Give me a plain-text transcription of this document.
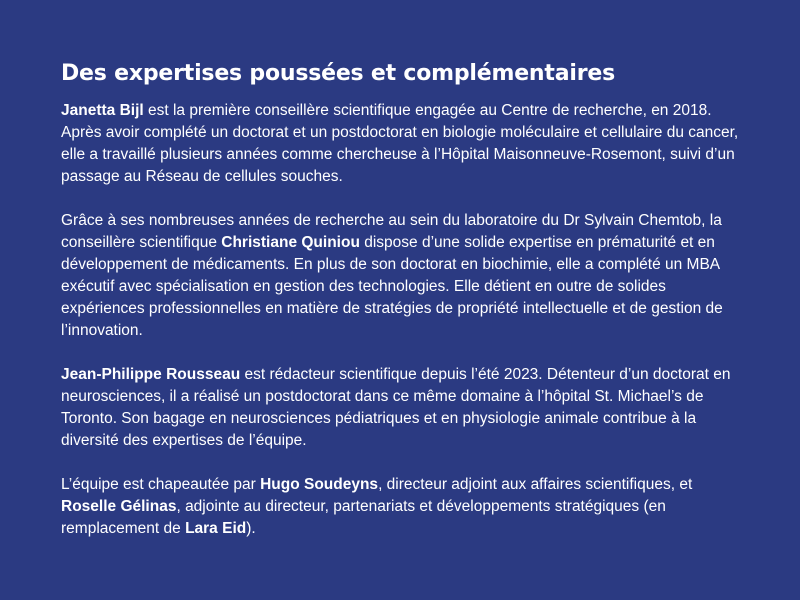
Des expertises poussées et complémentaires

Janetta Bijl est la première conseillère scientifique engagée au Centre de recherche, en 2018. Après avoir complété un doctorat et un postdoctorat en biologie moléculaire et cellulaire du cancer, elle a travaillé plusieurs années comme chercheuse à l’Hôpital Maisonneuve-Rosemont, suivi d’un passage au Réseau de cellules souches.

Grâce à ses nombreuses années de recherche au sein du laboratoire du Dr Sylvain Chemtob, la conseillère scientifique Christiane Quiniou dispose d’une solide expertise en prématurité et en développement de médicaments. En plus de son doctorat en biochimie, elle a complété un MBA exécutif avec spécialisation en gestion des technologies. Elle détient en outre de solides expériences professionnelles en matière de stratégies de propriété intellectuelle et de gestion de l’innovation.

Jean-Philippe Rousseau est rédacteur scientifique depuis l’été 2023. Détenteur d’un doctorat en neurosciences, il a réalisé un postdoctorat dans ce même domaine à l’hôpital St. Michael’s de Toronto. Son bagage en neurosciences pédiatriques et en physiologie animale contribue à la diversité des expertises de l’équipe.

L’équipe est chapeautée par Hugo Soudeyns, directeur adjoint aux affaires scientifiques, et Roselle Gélinas, adjointe au directeur, partenariats et développements stratégiques (en remplacement de Lara Eid).
